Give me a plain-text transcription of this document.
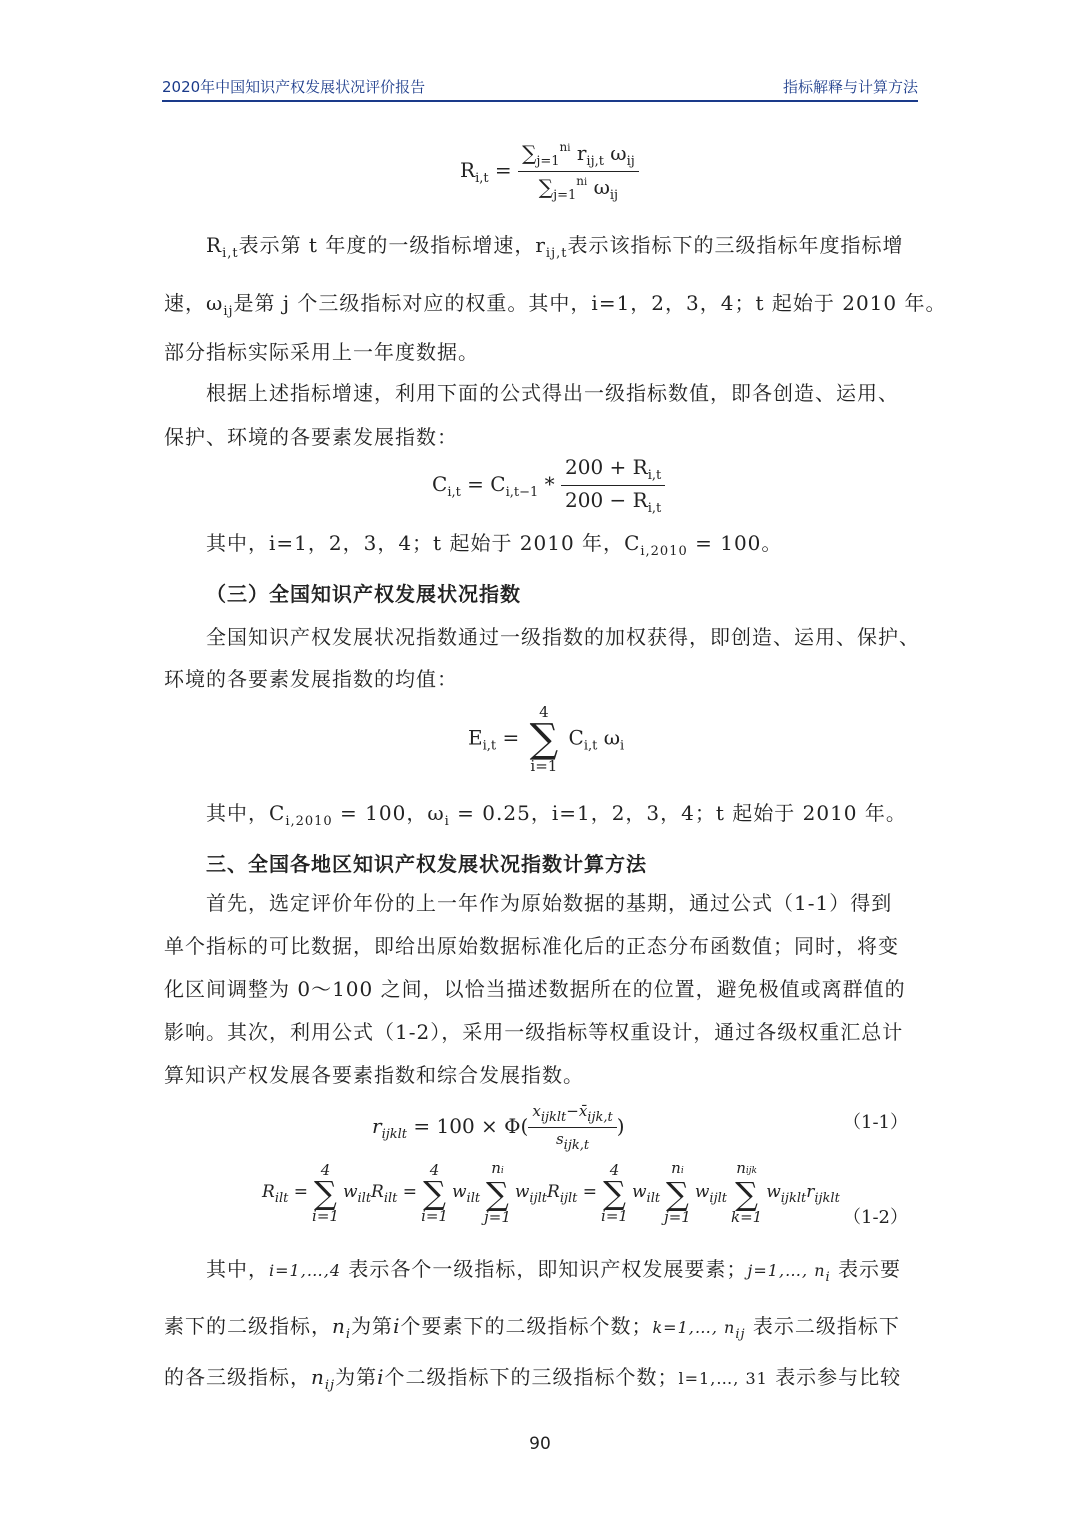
2020年中国知识产权发展状况评价报告	指标解释与计算方法
$R_{i,t} = \frac{\sum_{j=1}^{ni} r_{ij,t} \omega_{ij}}{\sum_{j=1}^{ni} \omega_{ij}}$
$R_{i,t}$表示第 t 年度的一级指标增速，$r_{ij,t}$表示该指标下的三级指标年度指标增
速，$\omega_{ij}$是第 j 个三级指标对应的权重。其中，i=1，2，3，4；t 起始于 2010 年。
部分指标实际采用上一年度数据。
根据上述指标增速，利用下面的公式得出一级指标数值，即各创造、运用、
保护、环境的各要素发展指数：
$C_{i,t} = C_{i,t-1} * \frac{200 + R_{i,t}}{200 - R_{i,t}}$
其中，i=1，2，3，4；t 起始于 2010 年，$C_{i,2010} = 100$。
（三）全国知识产权发展状况指数
全国知识产权发展状况指数通过一级指数的加权获得，即创造、运用、保护、
环境的各要素发展指数的均值：
$E_{i,t} = 4$
∑
i=1 $C_{i,t}$ $\omega_i$
其中，$C_{i,2010} = 100$，$\omega_i = 0.25$，i=1，2，3，4；t 起始于 2010 年。
三、全国各地区知识产权发展状况指数计算方法
首先，选定评价年份的上一年作为原始数据的基期，通过公式（1-1）得到
单个指标的可比数据，即给出原始数据标准化后的正态分布函数值；同时，将变
化区间调整为 0～100 之间，以恰当描述数据所在的位置，避免极值或离群值的
影响。其次，利用公式（1-2），采用一级指标等权重设计，通过各级权重汇总计
算知识产权发展各要素指数和综合发展指数。
$r_{ijklt} = 100 \times \Phi( \frac{\text{xijklt−x̄ijk,t}}{\text{sijk,t}}$ )	（1-1）
$R_{ilt} =4$
∑
$i=1w_{ilt}R_{ilt} =4$
∑
$i=1w_{ilt}ni$
∑
$j=1w_{ijlt}R_{ijlt} =4$
∑
$i=1w_{ilt}ni$
∑
$j=1w_{ijlt}nijk$
∑
$k=1w_{ijklt}r_{ijklt}$
（1-2）
其中，i=1,…,4 表示各个一级指标，即知识产权发展要素；j=1,…, $n_i$ 表示要
素下的二级指标，$n_i$为第i个要素下的二级指标个数；k=1,…, $n_{ij}$ 表示二级指标下
的各三级指标，$n_{ij}$为第i个二级指标下的三级指标个数；l=1,…, 31 表示参与比较
90
